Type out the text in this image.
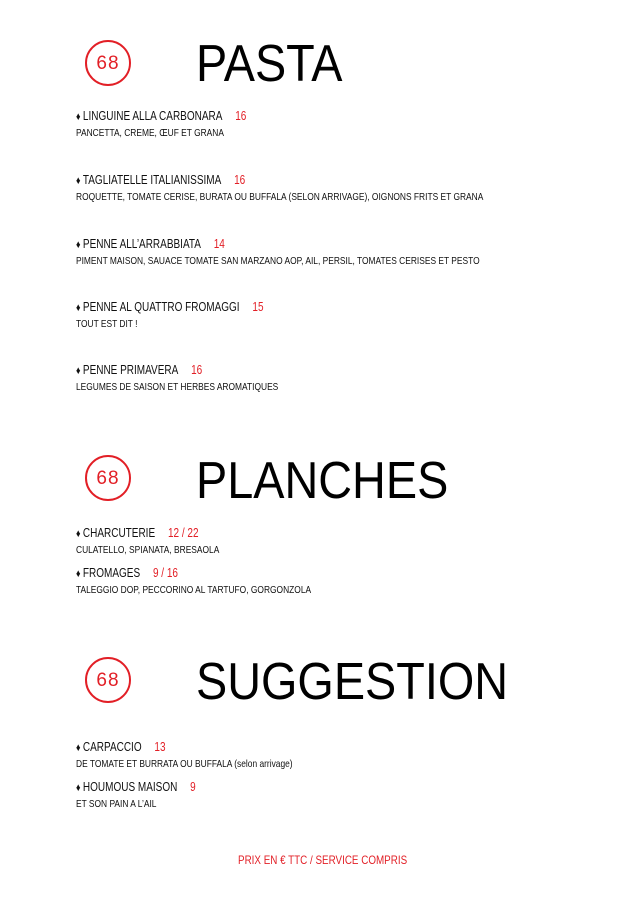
68 PASTA
68 PLANCHES
68 SUGGESTION
♦ LINGUINE ALLA CARBONARA 16
PANCETTA, CREME, ŒUF ET GRANA
♦ TAGLIATELLE ITALIANISSIMA 16
ROQUETTE, TOMATE CERISE, BURATA OU BUFFALA (SELON ARRIVAGE), OIGNONS FRITS ET GRANA
♦ PENNE ALL’ARRABBIATA 14
PIMENT MAISON, SAUACE TOMATE SAN MARZANO AOP, AIL, PERSIL, TOMATES CERISES ET PESTO
♦ PENNE AL QUATTRO FROMAGGI 15
TOUT EST DIT !
♦ PENNE PRIMAVERA 16
LEGUMES DE SAISON ET HERBES AROMATIQUES
♦ CHARCUTERIE 12 / 22
CULATELLO, SPIANATA, BRESAOLA
♦ FROMAGES 9 / 16
TALEGGIO DOP, PECCORINO AL TARTUFO, GORGONZOLA
♦ CARPACCIO 13
DE TOMATE ET BURRATA OU BUFFALA (selon arrivage)
♦ HOUMOUS MAISON 9
ET SON PAIN A L’AIL
PRIX EN € TTC / SERVICE COMPRIS
